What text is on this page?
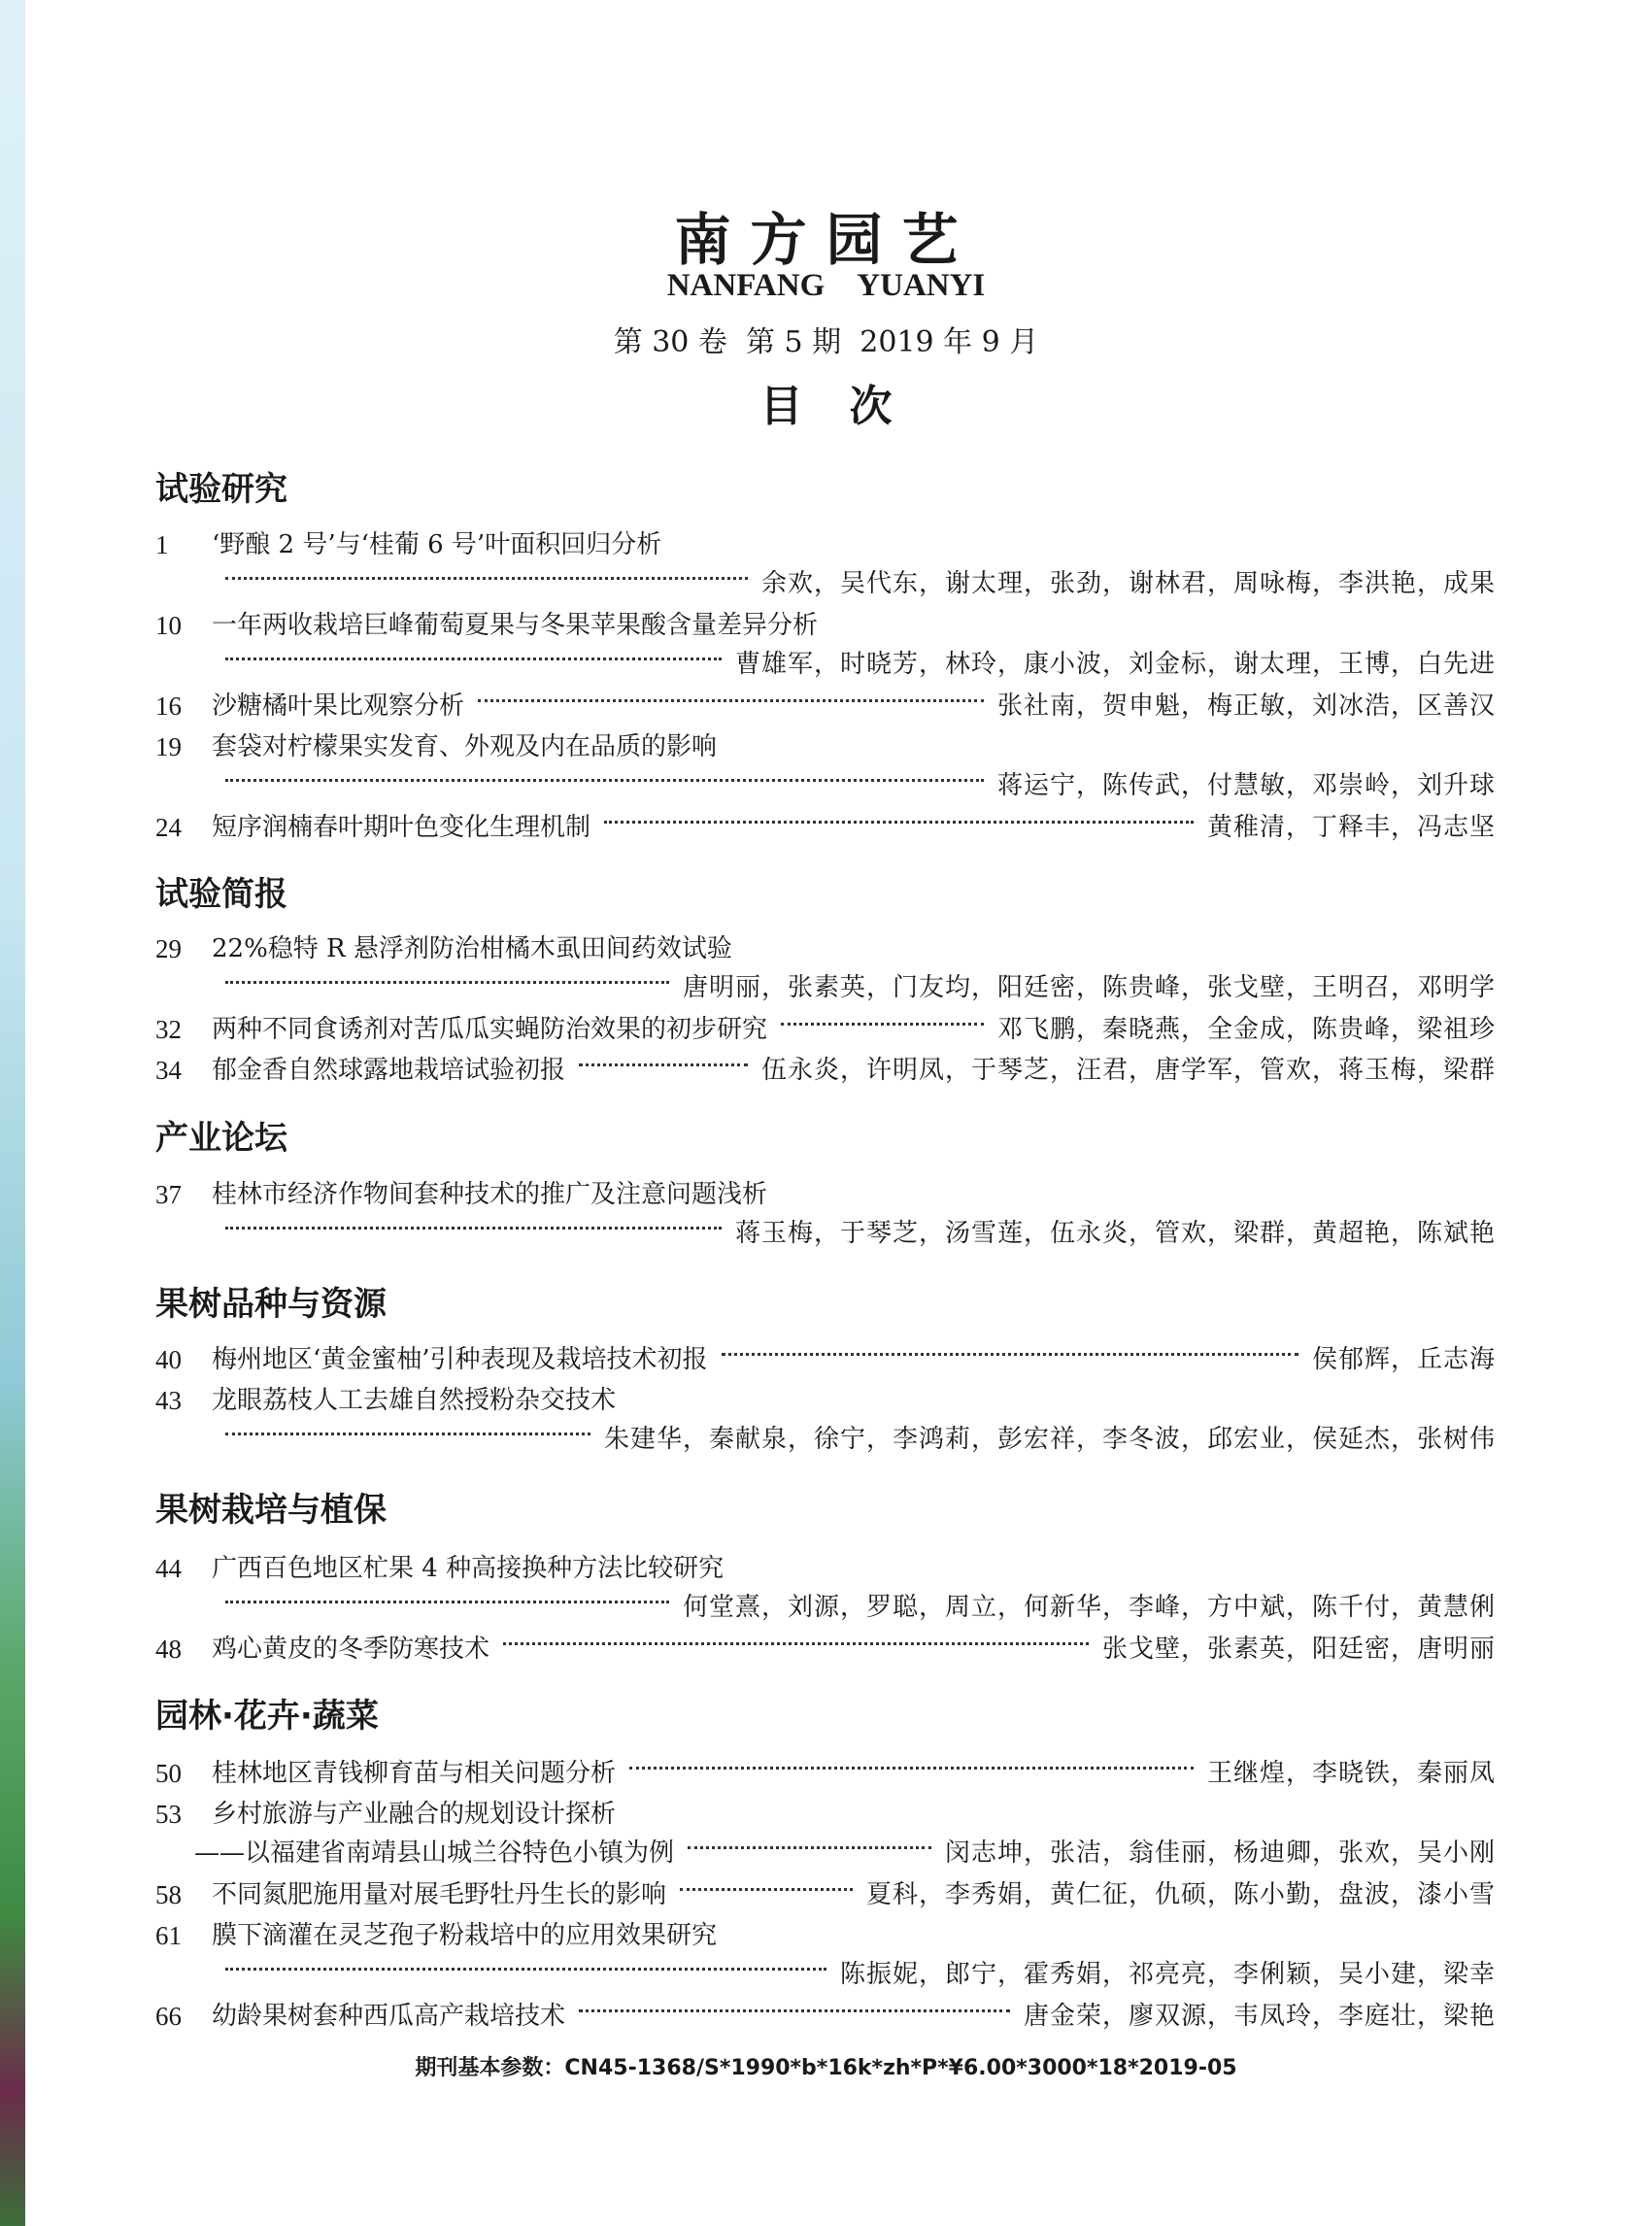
南方园艺
NANFANG YUANYI
第 30 卷 第 5 期 2019 年 9 月
目次
试验研究
1	‘野酿 2 号’与‘桂葡 6 号’叶面积回归分析
余欢，吴代东，谢太理，张劲，谢林君，周咏梅，李洪艳，成果
10	一年两收栽培巨峰葡萄夏果与冬果苹果酸含量差异分析
曹雄军，时晓芳，林玲，康小波，刘金标，谢太理，王博，白先进
16	沙糖橘叶果比观察分析	张社南，贺申魁，梅正敏，刘冰浩，区善汉
19	套袋对柠檬果实发育、外观及内在品质的影响
蒋运宁，陈传武，付慧敏，邓崇岭，刘升球
24	短序润楠春叶期叶色变化生理机制	黄稚清，丁释丰，冯志坚
试验简报
29	22%稳特 R 悬浮剂防治柑橘木虱田间药效试验
唐明丽，张素英，门友均，阳廷密，陈贵峰，张戈壁，王明召，邓明学
32	两种不同食诱剂对苦瓜瓜实蝇防治效果的初步研究	邓飞鹏，秦晓燕，全金成，陈贵峰，梁祖珍
34	郁金香自然球露地栽培试验初报	伍永炎，许明凤，于琴芝，汪君，唐学军，管欢，蒋玉梅，梁群
产业论坛
37	桂林市经济作物间套种技术的推广及注意问题浅析
蒋玉梅，于琴芝，汤雪莲，伍永炎，管欢，梁群，黄超艳，陈斌艳
果树品种与资源
40	梅州地区‘黄金蜜柚’引种表现及栽培技术初报	侯郁辉，丘志海
43	龙眼荔枝人工去雄自然授粉杂交技术
朱建华，秦献泉，徐宁，李鸿莉，彭宏祥，李冬波，邱宏业，侯延杰，张树伟
果树栽培与植保
44	广西百色地区杧果 4 种高接换种方法比较研究
何堂熹，刘源，罗聪，周立，何新华，李峰，方中斌，陈千付，黄慧俐
48	鸡心黄皮的冬季防寒技术	张戈壁，张素英，阳廷密，唐明丽
园林·花卉·蔬菜
50	桂林地区青钱柳育苗与相关问题分析	王继煌，李晓铁，秦丽凤
53	乡村旅游与产业融合的规划设计探析
——以福建省南靖县山城兰谷特色小镇为例	闵志坤，张洁，翁佳丽，杨迪卿，张欢，吴小刚
58	不同氮肥施用量对展毛野牡丹生长的影响	夏科，李秀娟，黄仁征，仇硕，陈小勤，盘波，漆小雪
61	膜下滴灌在灵芝孢子粉栽培中的应用效果研究
陈振妮，郎宁，霍秀娟，祁亮亮，李俐颖，吴小建，梁幸
66	幼龄果树套种西瓜高产栽培技术	唐金荣，廖双源，韦凤玲，李庭壮，梁艳
期刊基本参数：CN45-1368/S*1990*b*16k*zh*P*¥6.00*3000*18*2019-05
